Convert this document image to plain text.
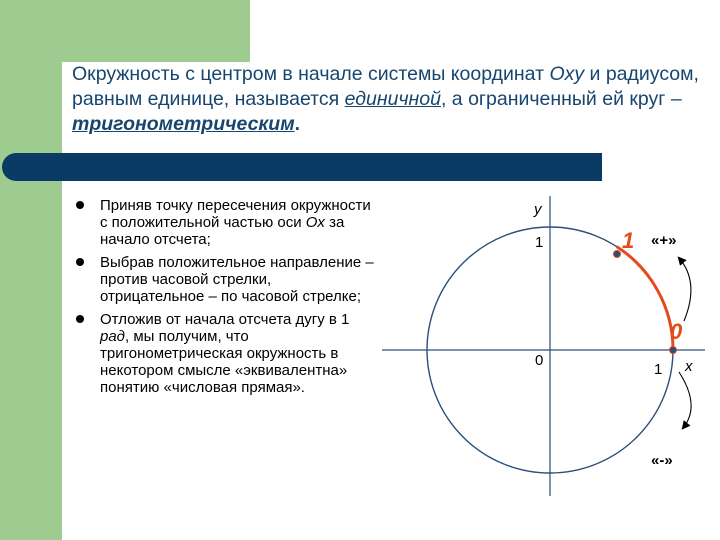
Окружность с центром в начале системы координат Oxy и радиусом, равным единице, называется единичной, а ограниченный ей круг – тригонометрическим.
Приняв точку пересечения окружности с положительной частью оси Ox за начало отсчета;
Выбрав положительное направление – против часовой стрелки, отрицательное – по часовой стрелке;
Отложив от начала отсчета дугу в 1 рад, мы получим, что тригонометрическая окружность в некотором смысле «эквивалентна» понятию «числовая прямая».
y
x
0
1
1
0
1 «+»
«-»
